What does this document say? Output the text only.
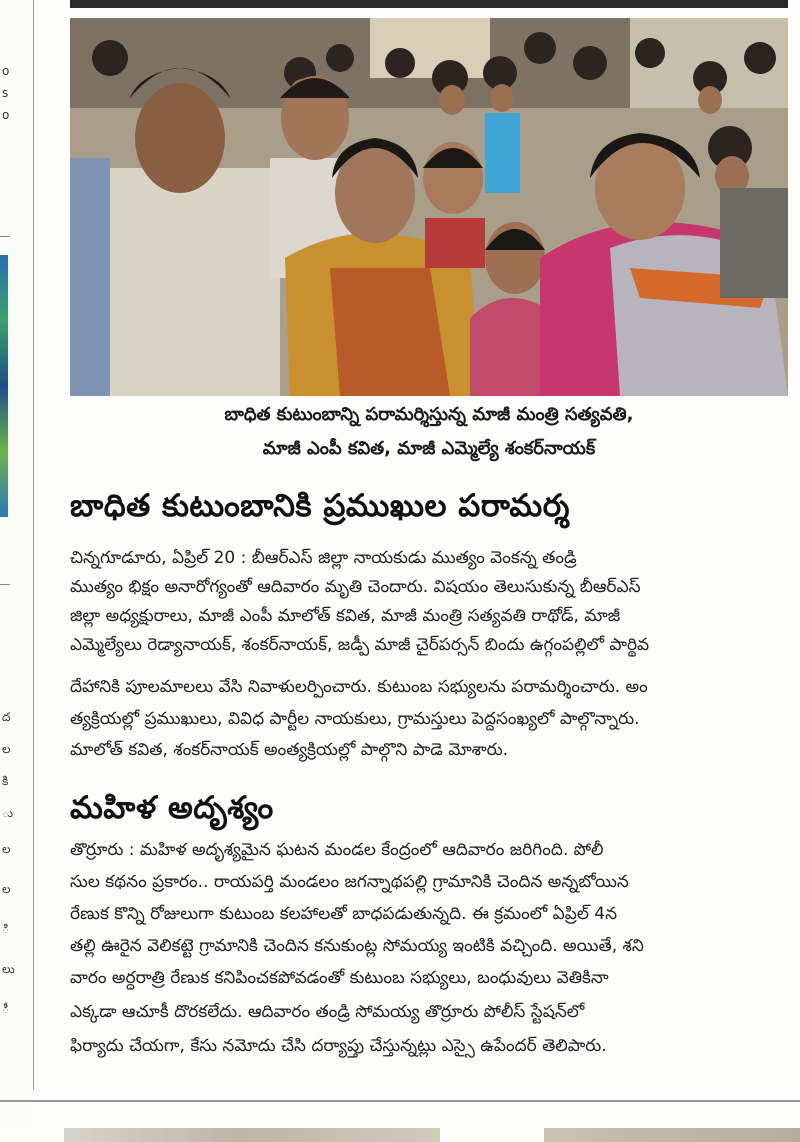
o
s
o
ద
ల
కి
ు
ల
ల
ి
లు
ీ
బాధిత కుటుంబాన్ని పరామర్శిస్తున్న మాజీ మంత్రి సత్యవతి,
మాజీ ఎంపీ కవిత, మాజీ ఎమ్మెల్యే శంకర్‌నాయక్
బాధిత కుటుంబానికి ప్రముఖుల పరామర్శ
చిన్నగూడూరు, ఏప్రిల్ 20 : బీఆర్ఎస్ జిల్లా నాయకుడు ముత్యం వెంకన్న తండ్రి
ముత్యం భిక్షం అనారోగ్యంతో ఆదివారం మృతి చెందారు. విషయం తెలుసుకున్న బీఆర్ఎస్
జిల్లా అధ్యక్షురాలు, మాజీ ఎంపీ మాలోత్ కవిత, మాజీ మంత్రి సత్యవతి రాథోడ్, మాజీ
ఎమ్మెల్యేలు రెడ్యానాయక్, శంకర్‌నాయక్, జడ్పీ మాజీ చైర్‌పర్సన్ బిందు ఉగ్గంపల్లిలో పార్థివ
దేహానికి పూలమాలలు వేసి నివాళులర్పించారు. కుటుంబ సభ్యులను పరామర్శించారు. అం
త్యక్రియల్లో ప్రముఖులు, వివిధ పార్టీల నాయకులు, గ్రామస్తులు పెద్దసంఖ్యలో పాల్గొన్నారు.
మాలోత్ కవిత, శంకర్‌నాయక్ అంత్యక్రియల్లో పాల్గొని పాడె మోశారు.
మహిళ అదృశ్యం
తొర్రూరు : మహిళ అదృశ్యమైన ఘటన మండల కేంద్రంలో ఆదివారం జరిగింది. పోలీ
సుల కథనం ప్రకారం.. రాయపర్తి మండలం జగన్నాథపల్లి గ్రామానికి చెందిన అన్నబోయిన
రేణుక కొన్ని రోజులుగా కుటుంబ కలహాలతో బాధపడుతున్నది. ఈ క్రమంలో ఏప్రిల్ 4న
తల్లి ఊరైన వెలికట్టె గ్రామానికి చెందిన కనుకుంట్ల సోమయ్య ఇంటికి వచ్చింది. అయితే, శని
వారం అర్ధరాత్రి రేణుక కనిపించకపోవడంతో కుటుంబ సభ్యులు, బంధువులు వెతికినా
ఎక్కడా ఆచూకీ దొరకలేదు. ఆదివారం తండ్రి సోమయ్య తొర్రూరు పోలీస్ స్టేషన్‌లో
ఫిర్యాదు చేయగా, కేసు నమోదు చేసి దర్యాప్తు చేస్తున్నట్లు ఎస్సై ఉపేందర్ తెలిపారు.
